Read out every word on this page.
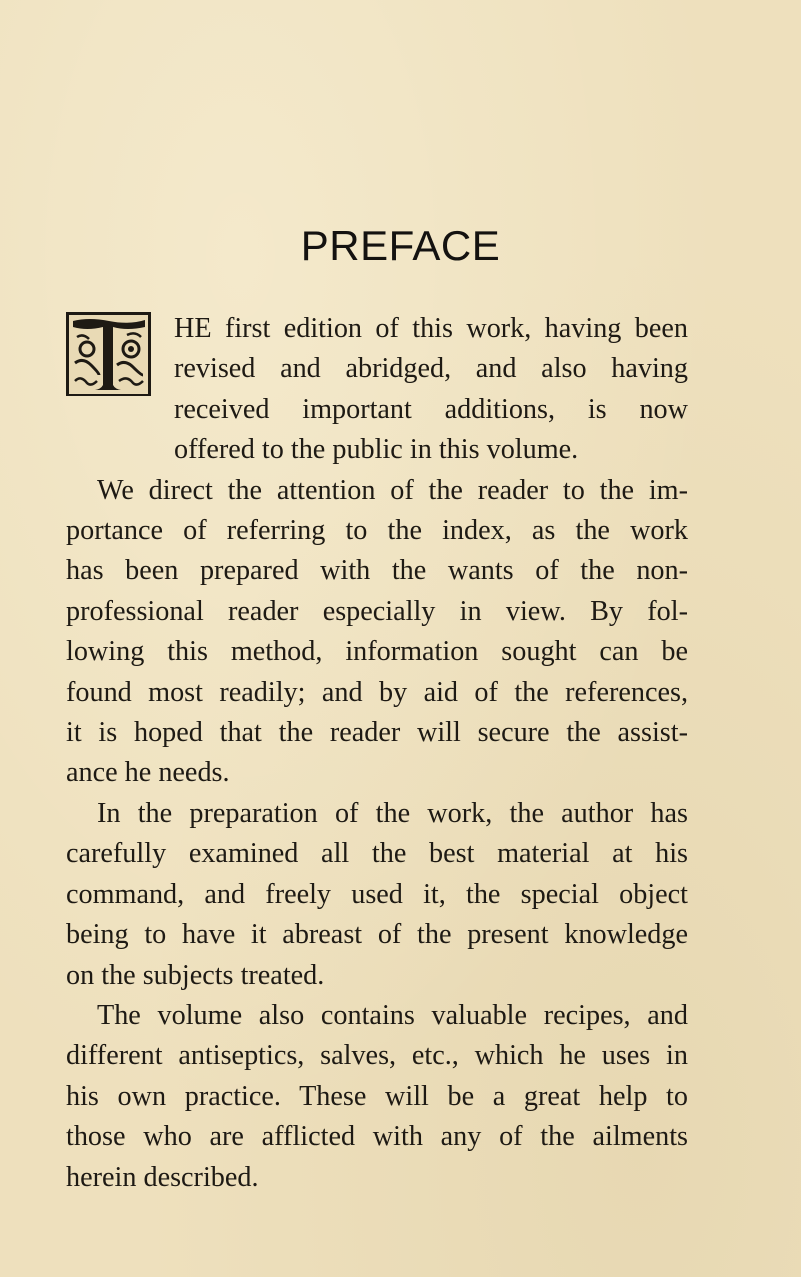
PREFACE
HE first edition of this work, having been
revised and abridged, and also having
received important additions, is now
offered to the public in this volume.
We direct the attention of the reader to the im-
portance of referring to the index, as the work
has been prepared with the wants of the non-
professional reader especially in view. By fol-
lowing this method, information sought can be
found most readily; and by aid of the references,
it is hoped that the reader will secure the assist-
ance he needs.
In the preparation of the work, the author has
carefully examined all the best material at his
command, and freely used it, the special object
being to have it abreast of the present knowledge
on the subjects treated.
The volume also contains valuable recipes, and
different antiseptics, salves, etc., which he uses in
his own practice. These will be a great help to
those who are afflicted with any of the ailments
herein described.
